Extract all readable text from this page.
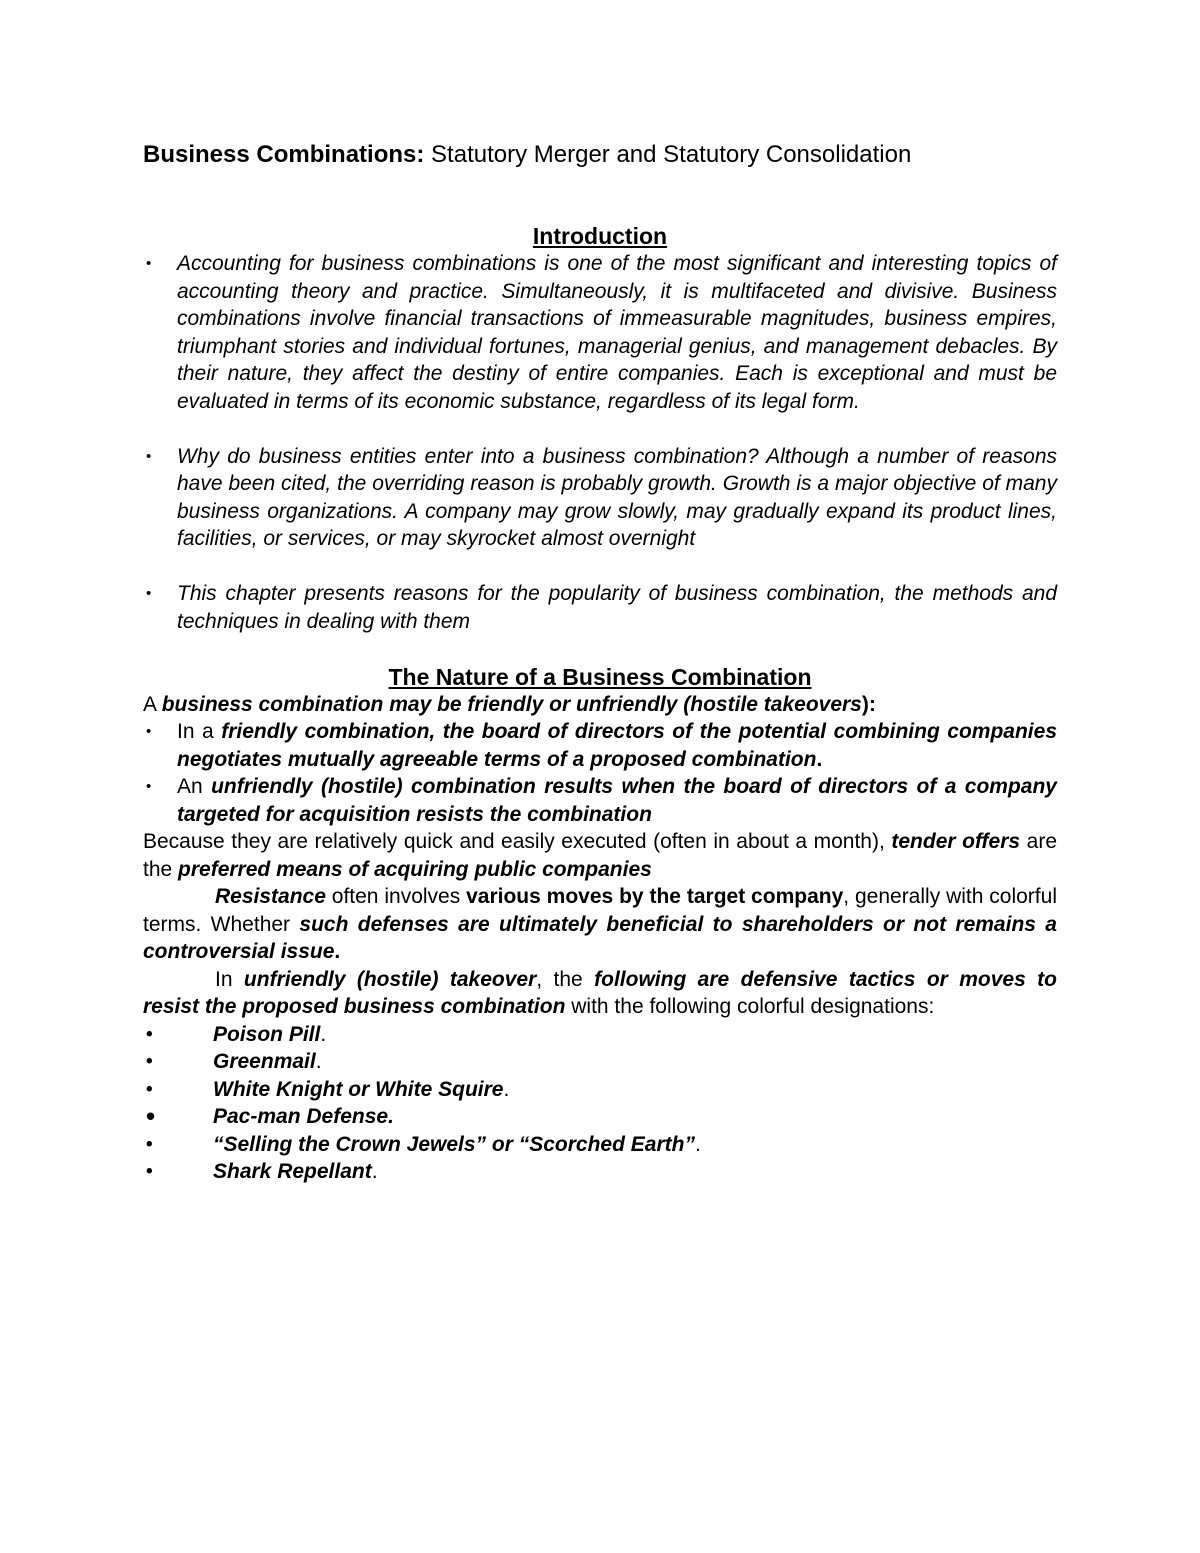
Business Combinations: Statutory Merger and Statutory Consolidation
Introduction
• Accounting for business combinations is one of the most significant and interesting topics of accounting theory and practice. Simultaneously, it is multifaceted and divisive. Business combinations involve financial transactions of immeasurable magnitudes, business empires, triumphant stories and individual fortunes, managerial genius, and management debacles. By their nature, they affect the destiny of entire companies. Each is exceptional and must be evaluated in terms of its economic substance, regardless of its legal form.
• Why do business entities enter into a business combination? Although a number of reasons have been cited, the overriding reason is probably growth. Growth is a major objective of many business organizations. A company may grow slowly, may gradually expand its product lines, facilities, or services, or may skyrocket almost overnight
• This chapter presents reasons for the popularity of business combination, the methods and techniques in dealing with them
The Nature of a Business Combination
A business combination may be friendly or unfriendly (hostile takeovers):
• In a friendly combination, the board of directors of the potential combining companies negotiates mutually agreeable terms of a proposed combination.
• An unfriendly (hostile) combination results when the board of directors of a company targeted for acquisition resists the combination
Because they are relatively quick and easily executed (often in about a month), tender offers are the preferred means of acquiring public companies
Resistance often involves various moves by the target company, generally with colorful terms. Whether such defenses are ultimately beneficial to shareholders or not remains a controversial issue.
In unfriendly (hostile) takeover, the following are defensive tactics or moves to resist the proposed business combination with the following colorful designations:
•	Poison Pill.
•	Greenmail.
•	White Knight or White Squire.
•	Pac-man Defense.
•	“Selling the Crown Jewels” or “Scorched Earth”.
•	Shark Repellant.
